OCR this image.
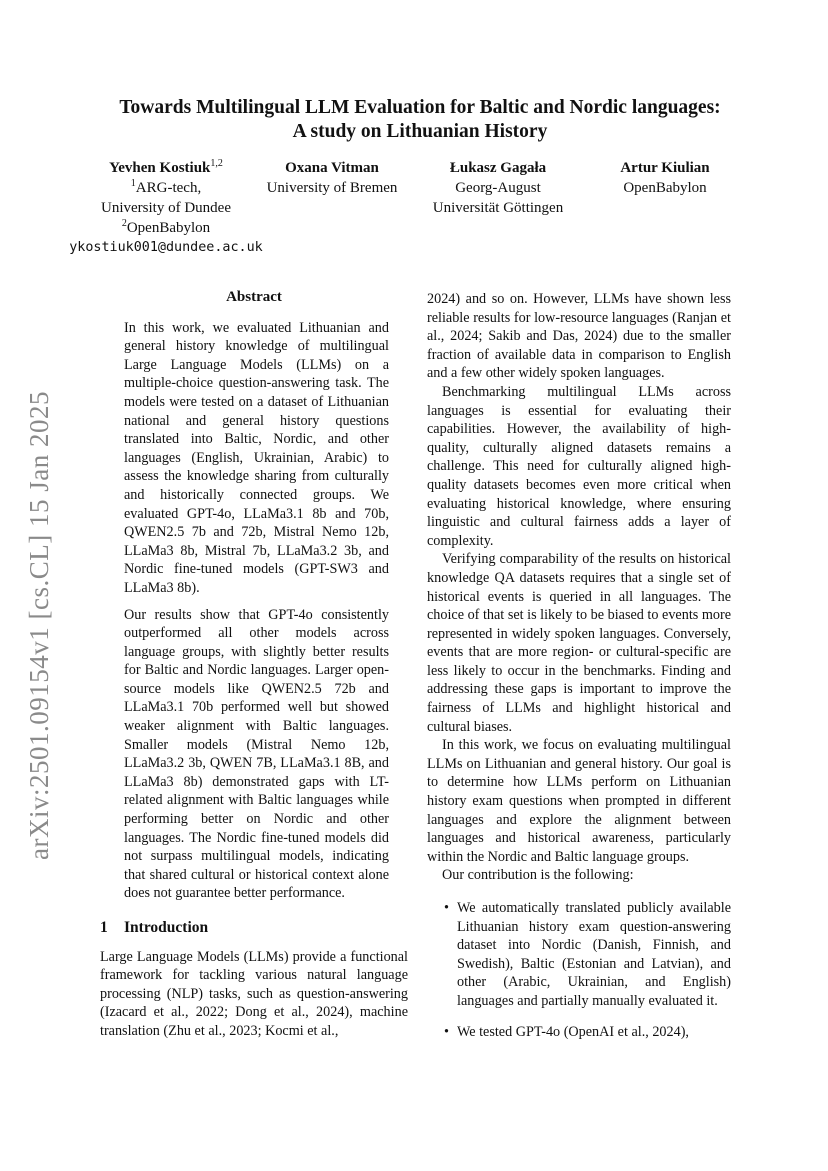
arXiv:2501.09154v1 [cs.CL] 15 Jan 2025
Towards Multilingual LLM Evaluation for Baltic and Nordic languages:
A study on Lithuanian History
Yevhen Kostiuk$^{1,2}$
$^1$ARG-tech,
University of Dundee
$^2$OpenBabylon
ykostiuk001@dundee.ac.uk
Oxana Vitman
University of Bremen
Łukasz Gagała
Georg-August
Universität Göttingen
Artur Kiulian
OpenBabylon

Abstract

In this work, we evaluated Lithuanian and general history knowledge of multilingual Large Language Models (LLMs) on a multiple-choice question-answering task. The models were tested on a dataset of Lithuanian national and general history questions translated into Baltic, Nordic, and other languages (English, Ukrainian, Arabic) to assess the knowledge sharing from culturally and historically connected groups. We evaluated GPT-4o, LLaMa3.1 8b and 70b, QWEN2.5 7b and 72b, Mistral Nemo 12b, LLaMa3 8b, Mistral 7b, LLaMa3.2 3b, and Nordic fine-tuned models (GPT-SW3 and LLaMa3 8b).

Our results show that GPT-4o consistently outperformed all other models across language groups, with slightly better results for Baltic and Nordic languages. Larger open-source models like QWEN2.5 72b and LLaMa3.1 70b performed well but showed weaker alignment with Baltic languages. Smaller models (Mistral Nemo 12b, LLaMa3.2 3b, QWEN 7B, LLaMa3.1 8B, and LLaMa3 8b) demonstrated gaps with LT-related alignment with Baltic languages while performing better on Nordic and other languages. The Nordic fine-tuned models did not surpass multilingual models, indicating that shared cultural or historical context alone does not guarantee better performance.

1 Introduction

Large Language Models (LLMs) provide a functional framework for tackling various natural language processing (NLP) tasks, such as question-answering (Izacard et al., 2022; Dong et al., 2024), machine translation (Zhu et al., 2023; Kocmi et al.,

2024) and so on. However, LLMs have shown less reliable results for low-resource languages (Ranjan et al., 2024; Sakib and Das, 2024) due to the smaller fraction of available data in comparison to English and a few other widely spoken languages.

Benchmarking multilingual LLMs across languages is essential for evaluating their capabilities. However, the availability of high-quality, culturally aligned datasets remains a challenge. This need for culturally aligned high-quality datasets becomes even more critical when evaluating historical knowledge, where ensuring linguistic and cultural fairness adds a layer of complexity.

Verifying comparability of the results on historical knowledge QA datasets requires that a single set of historical events is queried in all languages. The choice of that set is likely to be biased to events more represented in widely spoken languages. Conversely, events that are more region- or cultural-specific are less likely to occur in the benchmarks. Finding and addressing these gaps is important to improve the fairness of LLMs and highlight historical and cultural biases.

In this work, we focus on evaluating multilingual LLMs on Lithuanian and general history. Our goal is to determine how LLMs perform on Lithuanian history exam questions when prompted in different languages and explore the alignment between languages and historical awareness, particularly within the Nordic and Baltic language groups.

Our contribution is the following:

• We automatically translated publicly available Lithuanian history exam question-answering dataset into Nordic (Danish, Finnish, and Swedish), Baltic (Estonian and Latvian), and other (Arabic, Ukrainian, and English) languages and partially manually evaluated it.
• We tested GPT-4o (OpenAI et al., 2024),
